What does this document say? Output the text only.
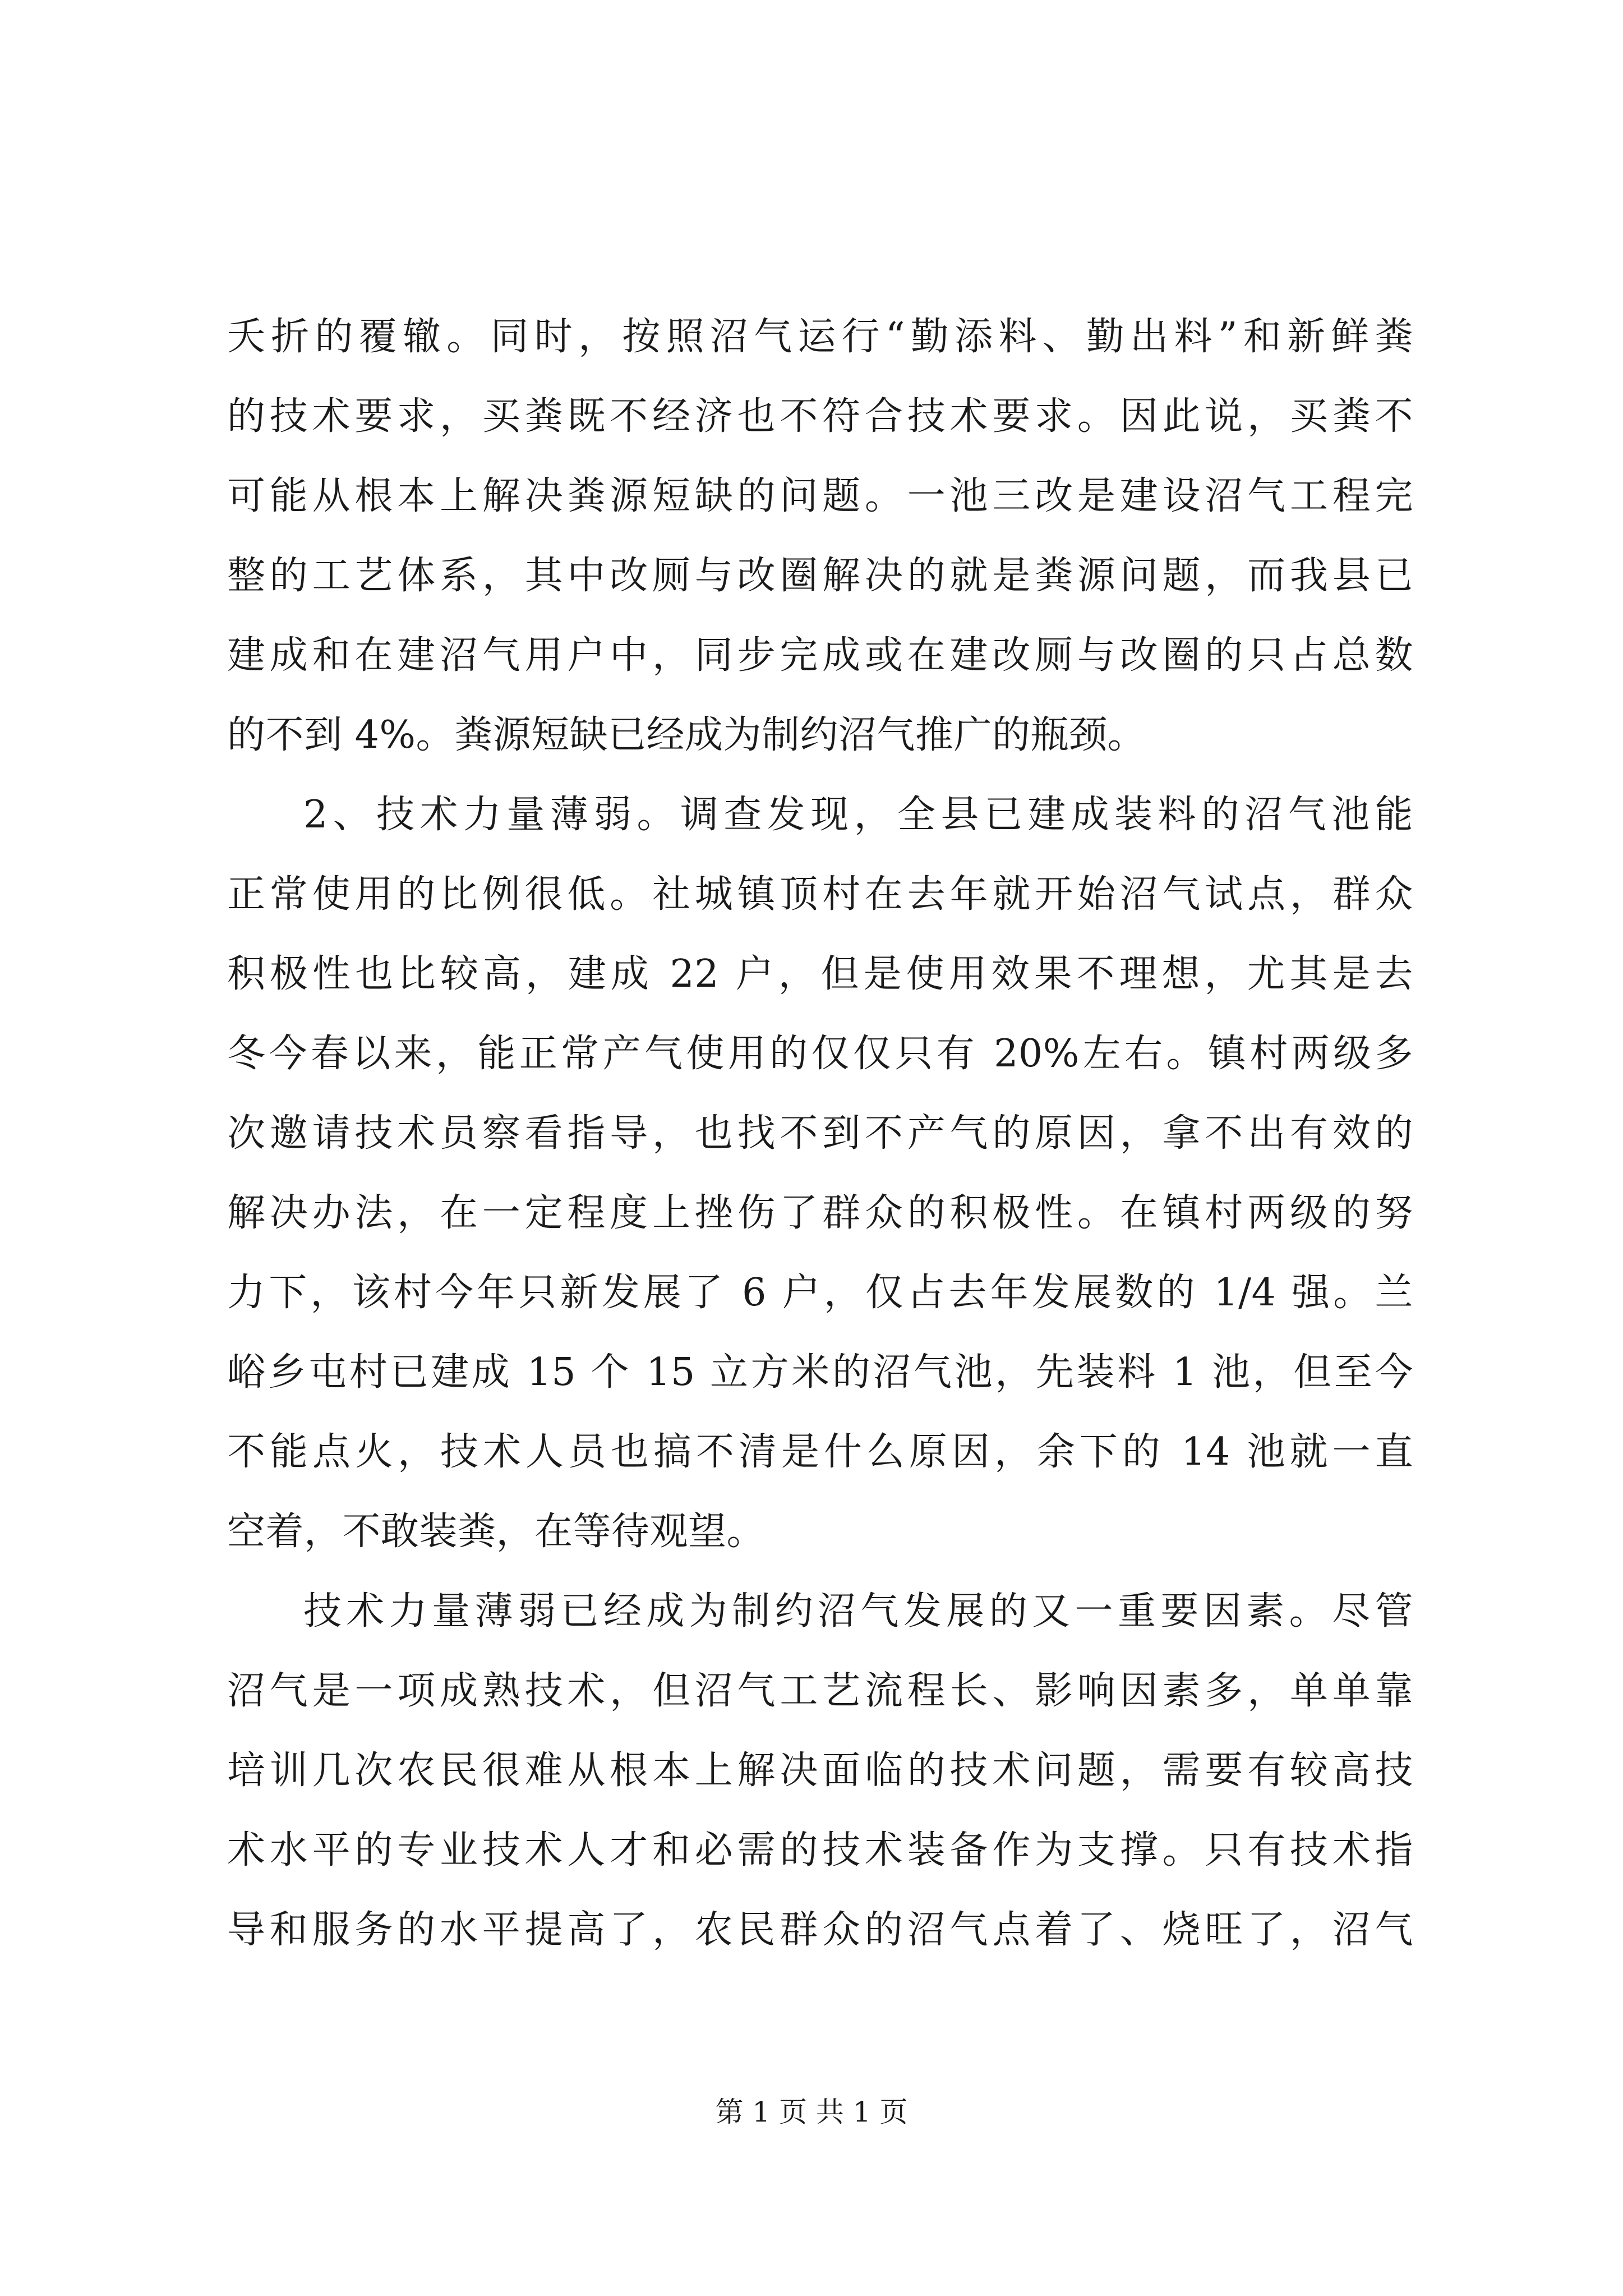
夭折的覆辙。同时，按照沼气运行“勤添料、勤出料”和新鲜粪
的技术要求，买粪既不经济也不符合技术要求。因此说，买粪不
可能从根本上解决粪源短缺的问题。一池三改是建设沼气工程完
整的工艺体系，其中改厕与改圈解决的就是粪源问题，而我县已
建成和在建沼气用户中，同步完成或在建改厕与改圈的只占总数
的不到 4%。粪源短缺已经成为制约沼气推广的瓶颈。
2、技术力量薄弱。调查发现，全县已建成装料的沼气池能
正常使用的比例很低。社城镇顶村在去年就开始沼气试点，群众
积极性也比较高，建成 22 户，但是使用效果不理想，尤其是去
冬今春以来，能正常产气使用的仅仅只有 20%左右。镇村两级多
次邀请技术员察看指导，也找不到不产气的原因，拿不出有效的
解决办法，在一定程度上挫伤了群众的积极性。在镇村两级的努
力下，该村今年只新发展了 6 户，仅占去年发展数的 1/4 强。兰
峪乡屯村已建成 15 个 15 立方米的沼气池，先装料 1 池，但至今
不能点火，技术人员也搞不清是什么原因，余下的 14 池就一直
空着，不敢装粪，在等待观望。
技术力量薄弱已经成为制约沼气发展的又一重要因素。尽管
沼气是一项成熟技术，但沼气工艺流程长、影响因素多，单单靠
培训几次农民很难从根本上解决面临的技术问题，需要有较高技
术水平的专业技术人才和必需的技术装备作为支撑。只有技术指
导和服务的水平提高了，农民群众的沼气点着了、烧旺了，沼气
第 1 页 共 1 页
